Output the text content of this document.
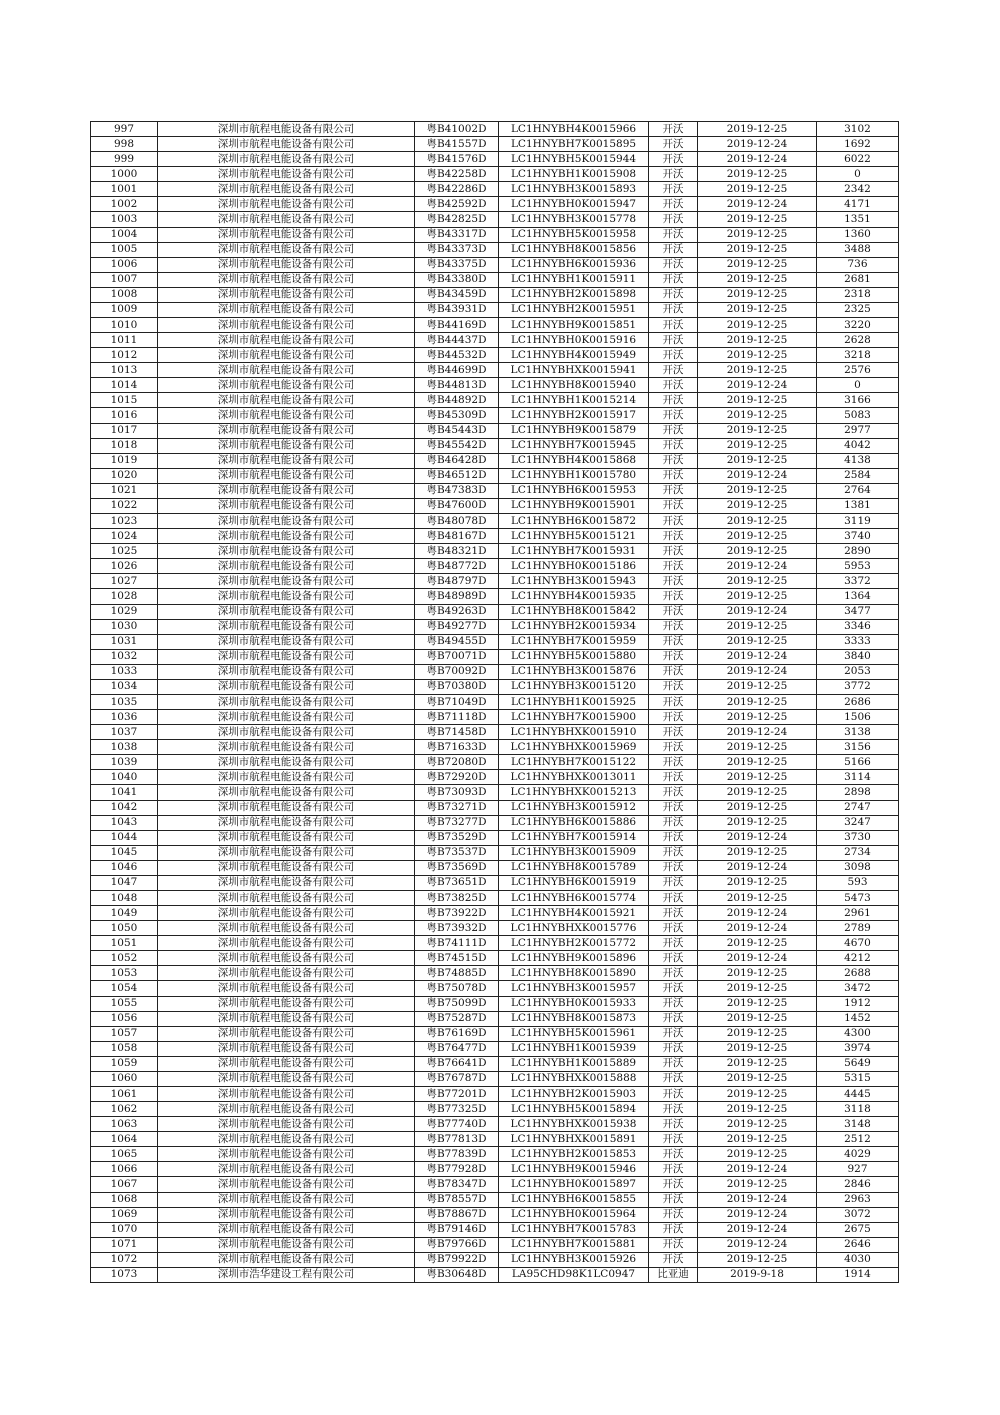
997	深圳市航程电能设备有限公司	粤B41002D	LC1HNYBH4K0015966	开沃	2019-12-25	3102
998	深圳市航程电能设备有限公司	粤B41557D	LC1HNYBH7K0015895	开沃	2019-12-24	1692
999	深圳市航程电能设备有限公司	粤B41576D	LC1HNYBH5K0015944	开沃	2019-12-24	6022
1000	深圳市航程电能设备有限公司	粤B42258D	LC1HNYBH1K0015908	开沃	2019-12-25	0
1001	深圳市航程电能设备有限公司	粤B42286D	LC1HNYBH3K0015893	开沃	2019-12-25	2342
1002	深圳市航程电能设备有限公司	粤B42592D	LC1HNYBH0K0015947	开沃	2019-12-24	4171
1003	深圳市航程电能设备有限公司	粤B42825D	LC1HNYBH3K0015778	开沃	2019-12-25	1351
1004	深圳市航程电能设备有限公司	粤B43317D	LC1HNYBH5K0015958	开沃	2019-12-25	1360
1005	深圳市航程电能设备有限公司	粤B43373D	LC1HNYBH8K0015856	开沃	2019-12-25	3488
1006	深圳市航程电能设备有限公司	粤B43375D	LC1HNYBH6K0015936	开沃	2019-12-25	736
1007	深圳市航程电能设备有限公司	粤B43380D	LC1HNYBH1K0015911	开沃	2019-12-25	2681
1008	深圳市航程电能设备有限公司	粤B43459D	LC1HNYBH2K0015898	开沃	2019-12-25	2318
1009	深圳市航程电能设备有限公司	粤B43931D	LC1HNYBH2K0015951	开沃	2019-12-25	2325
1010	深圳市航程电能设备有限公司	粤B44169D	LC1HNYBH9K0015851	开沃	2019-12-25	3220
1011	深圳市航程电能设备有限公司	粤B44437D	LC1HNYBH0K0015916	开沃	2019-12-25	2628
1012	深圳市航程电能设备有限公司	粤B44532D	LC1HNYBH4K0015949	开沃	2019-12-25	3218
1013	深圳市航程电能设备有限公司	粤B44699D	LC1HNYBHXK0015941	开沃	2019-12-25	2576
1014	深圳市航程电能设备有限公司	粤B44813D	LC1HNYBH8K0015940	开沃	2019-12-24	0
1015	深圳市航程电能设备有限公司	粤B44892D	LC1HNYBH1K0015214	开沃	2019-12-25	3166
1016	深圳市航程电能设备有限公司	粤B45309D	LC1HNYBH2K0015917	开沃	2019-12-25	5083
1017	深圳市航程电能设备有限公司	粤B45443D	LC1HNYBH9K0015879	开沃	2019-12-25	2977
1018	深圳市航程电能设备有限公司	粤B45542D	LC1HNYBH7K0015945	开沃	2019-12-25	4042
1019	深圳市航程电能设备有限公司	粤B46428D	LC1HNYBH4K0015868	开沃	2019-12-25	4138
1020	深圳市航程电能设备有限公司	粤B46512D	LC1HNYBH1K0015780	开沃	2019-12-24	2584
1021	深圳市航程电能设备有限公司	粤B47383D	LC1HNYBH6K0015953	开沃	2019-12-25	2764
1022	深圳市航程电能设备有限公司	粤B47600D	LC1HNYBH9K0015901	开沃	2019-12-25	1381
1023	深圳市航程电能设备有限公司	粤B48078D	LC1HNYBH6K0015872	开沃	2019-12-25	3119
1024	深圳市航程电能设备有限公司	粤B48167D	LC1HNYBH5K0015121	开沃	2019-12-25	3740
1025	深圳市航程电能设备有限公司	粤B48321D	LC1HNYBH7K0015931	开沃	2019-12-25	2890
1026	深圳市航程电能设备有限公司	粤B48772D	LC1HNYBH0K0015186	开沃	2019-12-24	5953
1027	深圳市航程电能设备有限公司	粤B48797D	LC1HNYBH3K0015943	开沃	2019-12-25	3372
1028	深圳市航程电能设备有限公司	粤B48989D	LC1HNYBH4K0015935	开沃	2019-12-25	1364
1029	深圳市航程电能设备有限公司	粤B49263D	LC1HNYBH8K0015842	开沃	2019-12-24	3477
1030	深圳市航程电能设备有限公司	粤B49277D	LC1HNYBH2K0015934	开沃	2019-12-25	3346
1031	深圳市航程电能设备有限公司	粤B49455D	LC1HNYBH7K0015959	开沃	2019-12-25	3333
1032	深圳市航程电能设备有限公司	粤B70071D	LC1HNYBH5K0015880	开沃	2019-12-24	3840
1033	深圳市航程电能设备有限公司	粤B70092D	LC1HNYBH3K0015876	开沃	2019-12-24	2053
1034	深圳市航程电能设备有限公司	粤B70380D	LC1HNYBH3K0015120	开沃	2019-12-25	3772
1035	深圳市航程电能设备有限公司	粤B71049D	LC1HNYBH1K0015925	开沃	2019-12-25	2686
1036	深圳市航程电能设备有限公司	粤B71118D	LC1HNYBH7K0015900	开沃	2019-12-25	1506
1037	深圳市航程电能设备有限公司	粤B71458D	LC1HNYBHXK0015910	开沃	2019-12-24	3138
1038	深圳市航程电能设备有限公司	粤B71633D	LC1HNYBHXK0015969	开沃	2019-12-25	3156
1039	深圳市航程电能设备有限公司	粤B72080D	LC1HNYBH7K0015122	开沃	2019-12-25	5166
1040	深圳市航程电能设备有限公司	粤B72920D	LC1HNYBHXK0013011	开沃	2019-12-25	3114
1041	深圳市航程电能设备有限公司	粤B73093D	LC1HNYBHXK0015213	开沃	2019-12-25	2898
1042	深圳市航程电能设备有限公司	粤B73271D	LC1HNYBH3K0015912	开沃	2019-12-25	2747
1043	深圳市航程电能设备有限公司	粤B73277D	LC1HNYBH6K0015886	开沃	2019-12-25	3247
1044	深圳市航程电能设备有限公司	粤B73529D	LC1HNYBH7K0015914	开沃	2019-12-24	3730
1045	深圳市航程电能设备有限公司	粤B73537D	LC1HNYBH3K0015909	开沃	2019-12-25	2734
1046	深圳市航程电能设备有限公司	粤B73569D	LC1HNYBH8K0015789	开沃	2019-12-24	3098
1047	深圳市航程电能设备有限公司	粤B73651D	LC1HNYBH6K0015919	开沃	2019-12-25	593
1048	深圳市航程电能设备有限公司	粤B73825D	LC1HNYBH6K0015774	开沃	2019-12-25	5473
1049	深圳市航程电能设备有限公司	粤B73922D	LC1HNYBH4K0015921	开沃	2019-12-24	2961
1050	深圳市航程电能设备有限公司	粤B73932D	LC1HNYBHXK0015776	开沃	2019-12-24	2789
1051	深圳市航程电能设备有限公司	粤B74111D	LC1HNYBH2K0015772	开沃	2019-12-25	4670
1052	深圳市航程电能设备有限公司	粤B74515D	LC1HNYBH9K0015896	开沃	2019-12-24	4212
1053	深圳市航程电能设备有限公司	粤B74885D	LC1HNYBH8K0015890	开沃	2019-12-25	2688
1054	深圳市航程电能设备有限公司	粤B75078D	LC1HNYBH3K0015957	开沃	2019-12-25	3472
1055	深圳市航程电能设备有限公司	粤B75099D	LC1HNYBH0K0015933	开沃	2019-12-25	1912
1056	深圳市航程电能设备有限公司	粤B75287D	LC1HNYBH8K0015873	开沃	2019-12-25	1452
1057	深圳市航程电能设备有限公司	粤B76169D	LC1HNYBH5K0015961	开沃	2019-12-25	4300
1058	深圳市航程电能设备有限公司	粤B76477D	LC1HNYBH1K0015939	开沃	2019-12-25	3974
1059	深圳市航程电能设备有限公司	粤B76641D	LC1HNYBH1K0015889	开沃	2019-12-25	5649
1060	深圳市航程电能设备有限公司	粤B76787D	LC1HNYBHXK0015888	开沃	2019-12-25	5315
1061	深圳市航程电能设备有限公司	粤B77201D	LC1HNYBH2K0015903	开沃	2019-12-25	4445
1062	深圳市航程电能设备有限公司	粤B77325D	LC1HNYBH5K0015894	开沃	2019-12-25	3118
1063	深圳市航程电能设备有限公司	粤B77740D	LC1HNYBHXK0015938	开沃	2019-12-25	3148
1064	深圳市航程电能设备有限公司	粤B77813D	LC1HNYBHXK0015891	开沃	2019-12-25	2512
1065	深圳市航程电能设备有限公司	粤B77839D	LC1HNYBH2K0015853	开沃	2019-12-25	4029
1066	深圳市航程电能设备有限公司	粤B77928D	LC1HNYBH9K0015946	开沃	2019-12-24	927
1067	深圳市航程电能设备有限公司	粤B78347D	LC1HNYBH0K0015897	开沃	2019-12-25	2846
1068	深圳市航程电能设备有限公司	粤B78557D	LC1HNYBH6K0015855	开沃	2019-12-24	2963
1069	深圳市航程电能设备有限公司	粤B78867D	LC1HNYBH0K0015964	开沃	2019-12-24	3072
1070	深圳市航程电能设备有限公司	粤B79146D	LC1HNYBH7K0015783	开沃	2019-12-24	2675
1071	深圳市航程电能设备有限公司	粤B79766D	LC1HNYBH7K0015881	开沃	2019-12-24	2646
1072	深圳市航程电能设备有限公司	粤B79922D	LC1HNYBH3K0015926	开沃	2019-12-25	4030
1073	深圳市浩华建设工程有限公司	粤B30648D	LA95CHD98K1LC0947	比亚迪	2019-9-18	1914
